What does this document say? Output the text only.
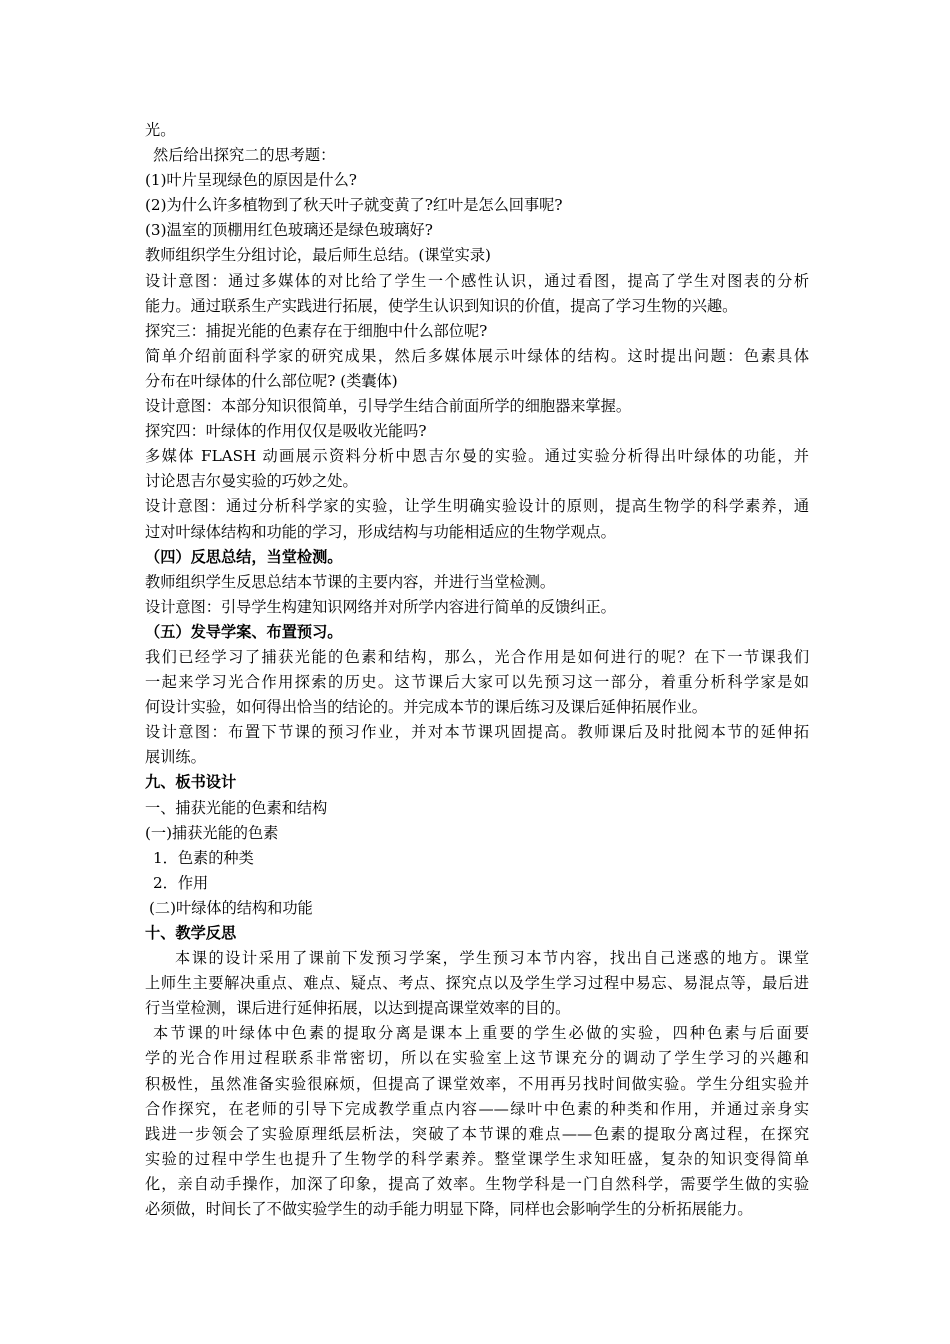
光。
然后给出探究二的思考题：
(1)叶片呈现绿色的原因是什么?
(2)为什么许多植物到了秋天叶子就变黄了?红叶是怎么回事呢?
(3)温室的顶棚用红色玻璃还是绿色玻璃好?
教师组织学生分组讨论，最后师生总结。(课堂实录)
设计意图：通过多媒体的对比给了学生一个感性认识，通过看图，提高了学生对图表的分析
能力。通过联系生产实践进行拓展，使学生认识到知识的价值，提高了学习生物的兴趣。
探究三：捕捉光能的色素存在于细胞中什么部位呢?
简单介绍前面科学家的研究成果，然后多媒体展示叶绿体的结构。这时提出问题：色素具体
分布在叶绿体的什么部位呢? (类囊体)
设计意图：本部分知识很简单，引导学生结合前面所学的细胞器来掌握。
探究四：叶绿体的作用仅仅是吸收光能吗?
多媒体 FLASH 动画展示资料分析中恩吉尔曼的实验。通过实验分析得出叶绿体的功能，并
讨论恩吉尔曼实验的巧妙之处。
设计意图：通过分析科学家的实验，让学生明确实验设计的原则，提高生物学的科学素养，通
过对叶绿体结构和功能的学习，形成结构与功能相适应的生物学观点。
（四）反思总结，当堂检测。
教师组织学生反思总结本节课的主要内容，并进行当堂检测。
设计意图：引导学生构建知识网络并对所学内容进行简单的反馈纠正。
（五）发导学案、布置预习。
我们已经学习了捕获光能的色素和结构，那么，光合作用是如何进行的呢？在下一节课我们
一起来学习光合作用探索的历史。这节课后大家可以先预习这一部分，着重分析科学家是如
何设计实验，如何得出恰当的结论的。并完成本节的课后练习及课后延伸拓展作业。
设计意图：布置下节课的预习作业，并对本节课巩固提高。教师课后及时批阅本节的延伸拓
展训练。
九、板书设计
一、捕获光能的色素和结构
(一)捕获光能的色素
1．色素的种类
2．作用
(二)叶绿体的结构和功能
十、教学反思
本课的设计采用了课前下发预习学案，学生预习本节内容，找出自己迷惑的地方。课堂
上师生主要解决重点、难点、疑点、考点、探究点以及学生学习过程中易忘、易混点等，最后进
行当堂检测，课后进行延伸拓展，以达到提高课堂效率的目的。
本节课的叶绿体中色素的提取分离是课本上重要的学生必做的实验，四种色素与后面要
学的光合作用过程联系非常密切，所以在实验室上这节课充分的调动了学生学习的兴趣和
积极性，虽然准备实验很麻烦，但提高了课堂效率，不用再另找时间做实验。学生分组实验并
合作探究，在老师的引导下完成教学重点内容——绿叶中色素的种类和作用，并通过亲身实
践进一步领会了实验原理纸层析法，突破了本节课的难点——色素的提取分离过程，在探究
实验的过程中学生也提升了生物学的科学素养。整堂课学生求知旺盛，复杂的知识变得简单
化，亲自动手操作，加深了印象，提高了效率。生物学科是一门自然科学，需要学生做的实验
必须做，时间长了不做实验学生的动手能力明显下降，同样也会影响学生的分析拓展能力。
